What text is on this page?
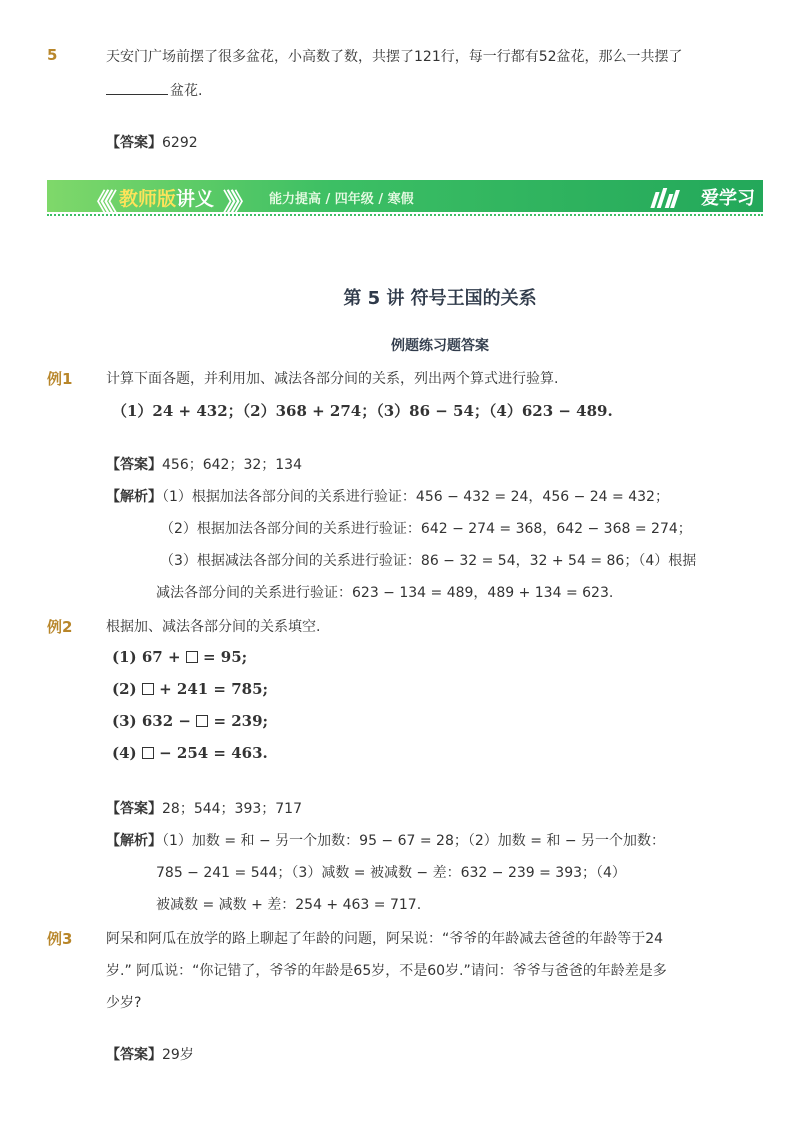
5	天安门广场前摆了很多盆花，小高数了数，共摆了121行，每一行都有52盆花，那么一共摆了
盆花.
【答案】6292
《《《 教师版讲义 》》》 能力提高 / 四年级 / 寒假	爱学习
第 5 讲 符号王国的关系
例题练习题答案
例1 计算下面各题，并利用加、减法各部分间的关系，列出两个算式进行验算.
（1）24 + 432；（2）368 + 274；（3）86 − 54；（4）623 − 489.
【答案】456；642；32；134
【解析】（1）根据加法各部分间的关系进行验证：456 − 432 = 24，456 − 24 = 432；
（2）根据加法各部分间的关系进行验证：642 − 274 = 368，642 − 368 = 274；
（3）根据减法各部分间的关系进行验证：86 − 32 = 54，32 + 54 = 86；（4）根据
减法各部分间的关系进行验证：623 − 134 = 489，489 + 134 = 623.
例2 根据加、减法各部分间的关系填空.
(1) 67 + = 95;
(2) + 241 = 785;
(3) 632 − = 239;
(4) − 254 = 463.
【答案】28；544；393；717
【解析】（1）加数 = 和 − 另一个加数：95 − 67 = 28；（2）加数 = 和 − 另一个加数：
785 − 241 = 544；（3）减数 = 被减数 − 差：632 − 239 = 393；（4）
被减数 = 减数 + 差：254 + 463 = 717.
例3 阿呆和阿瓜在放学的路上聊起了年龄的问题，阿呆说：“爷爷的年龄减去爸爸的年龄等于24
岁.” 阿瓜说：“你记错了，爷爷的年龄是65岁，不是60岁.”请问：爷爷与爸爸的年龄差是多
少岁?
【答案】29岁
